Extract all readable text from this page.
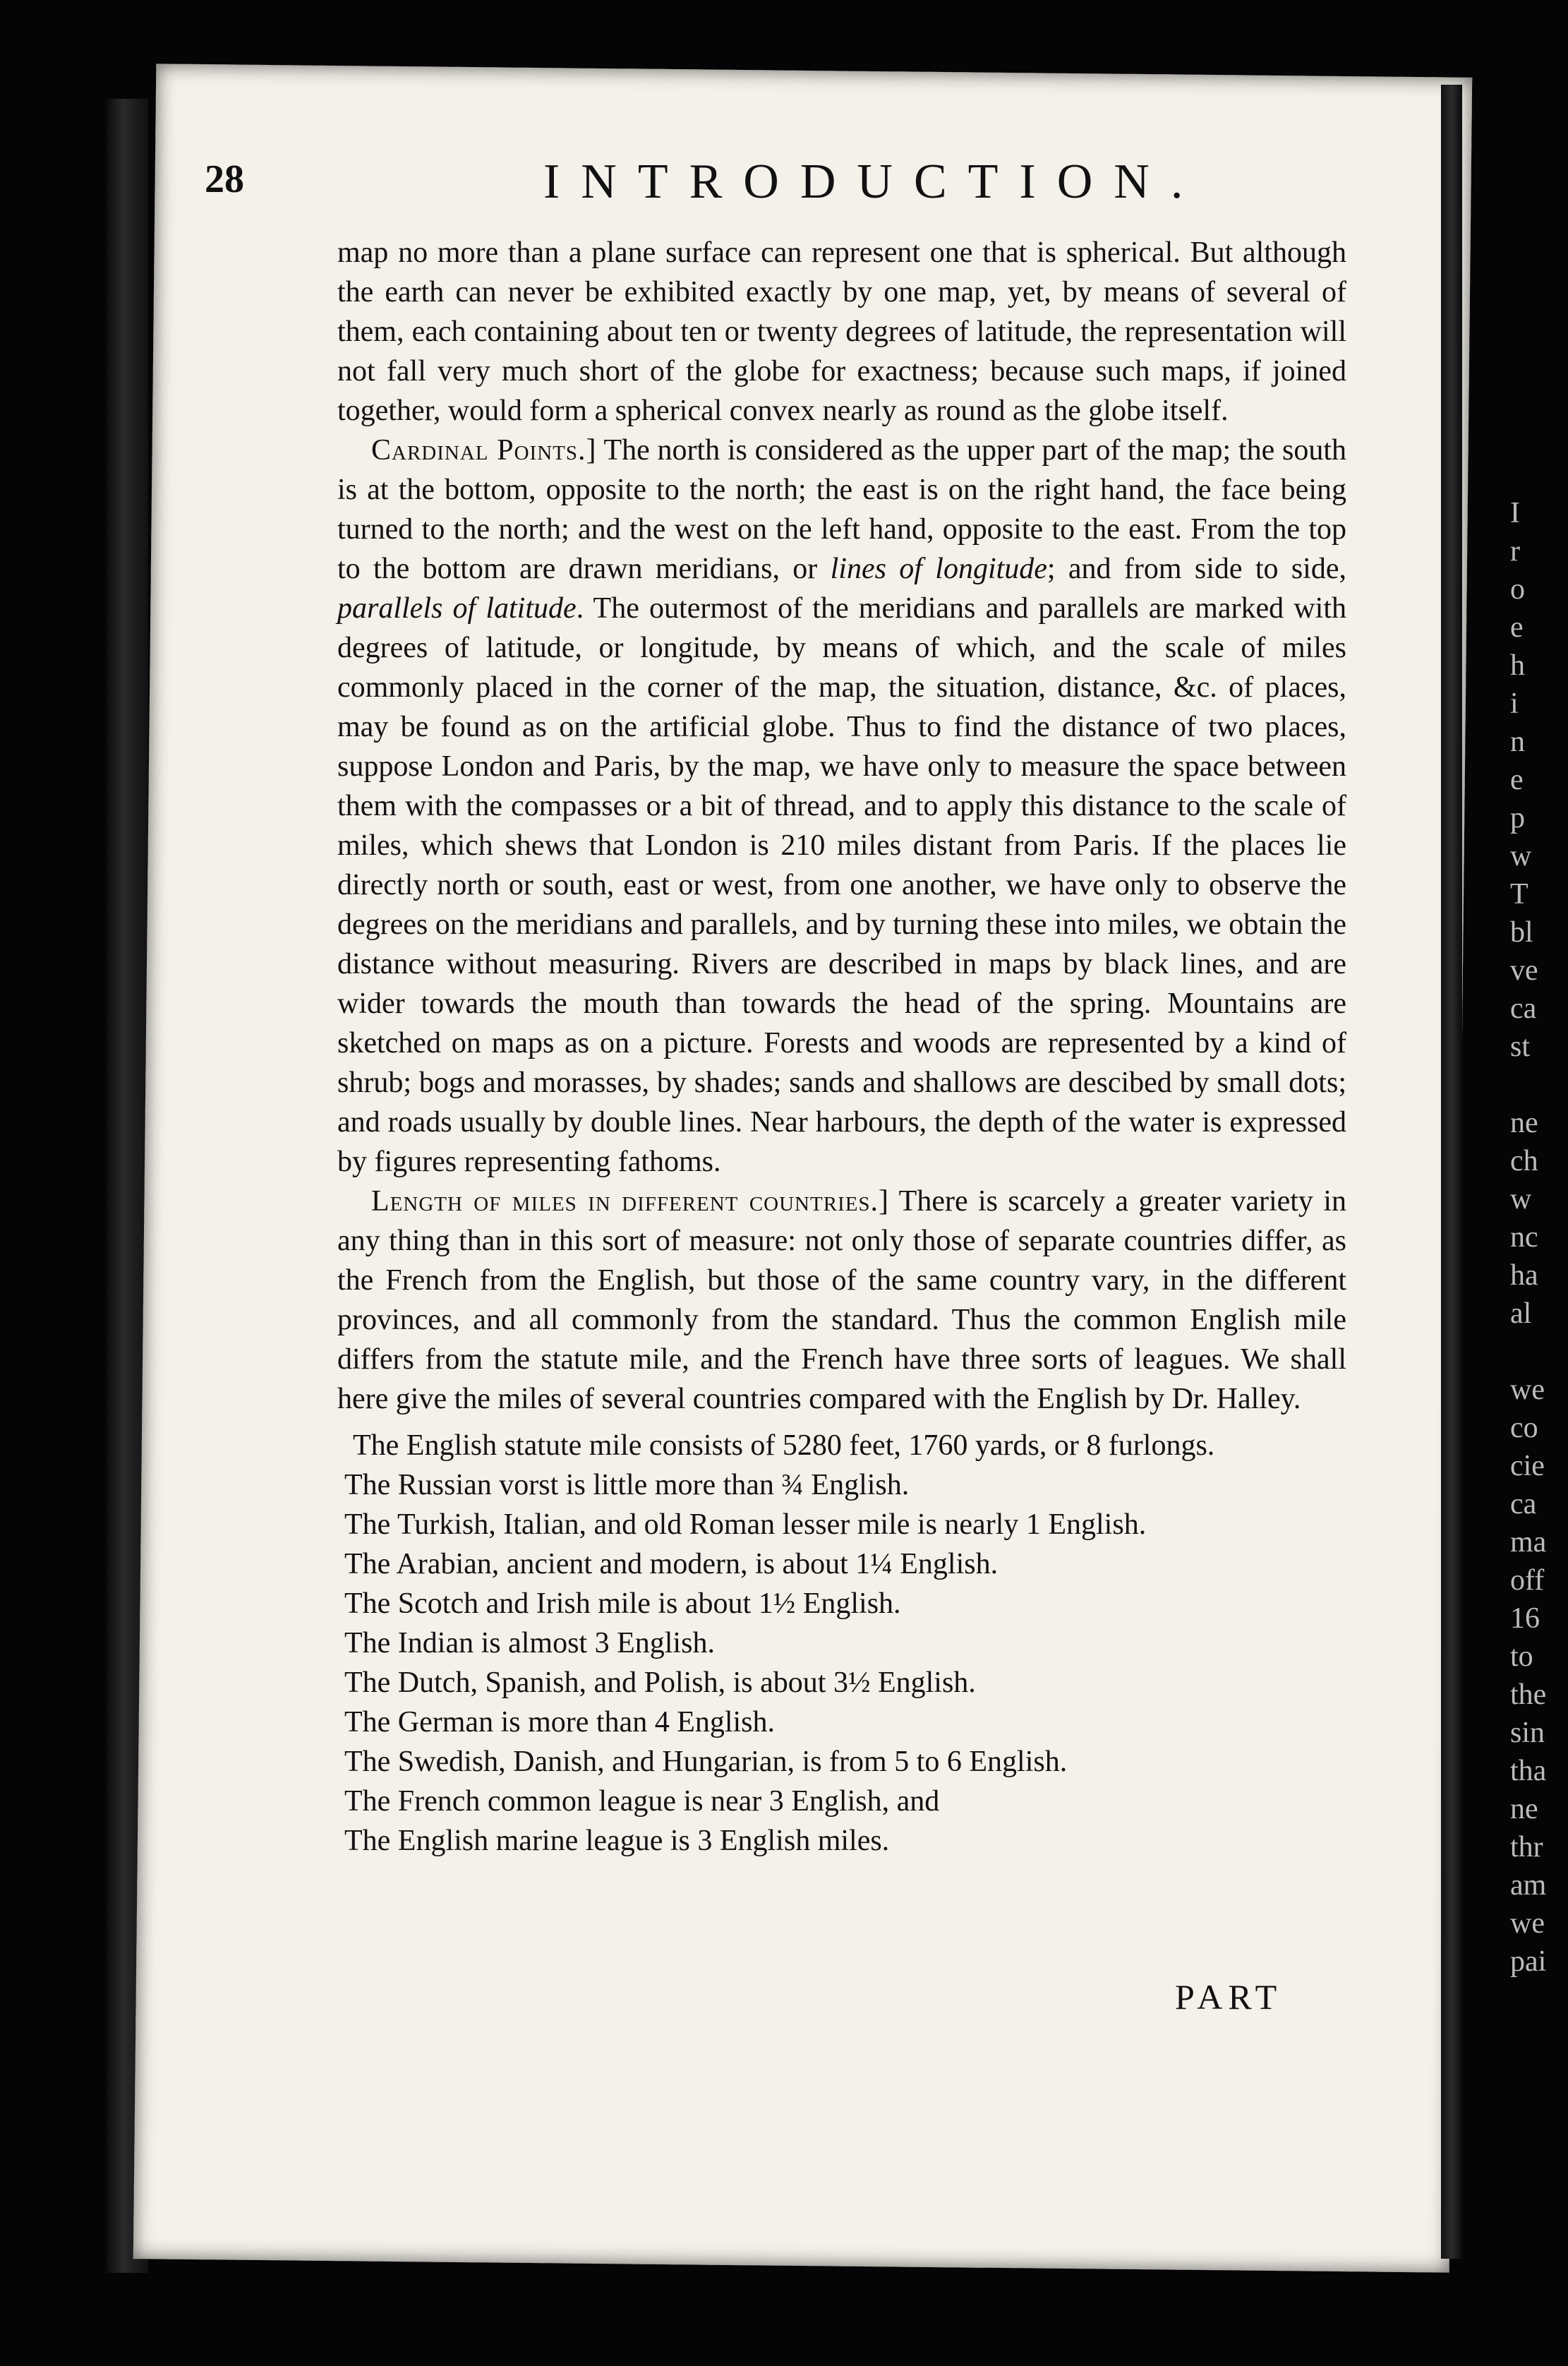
28	INTRODUCTION.

map no more than a plane surface can represent one that is spherical. But although the earth can never be exhibited exactly by one map, yet, by means of several of them, each containing about ten or twenty degrees of latitude, the representation will not fall very much short of the globe for exactness; because such maps, if joined together, would form a spherical convex nearly as round as the globe itself.

Cardinal Points.] The north is considered as the upper part of the map; the south is at the bottom, opposite to the north; the east is on the right hand, the face being turned to the north; and the west on the left hand, opposite to the east. From the top to the bottom are drawn meridians, or lines of longitude; and from side to side, parallels of latitude. The outermost of the meridians and parallels are marked with degrees of latitude, or longitude, by means of which, and the scale of miles commonly placed in the corner of the map, the situation, distance, &c. of places, may be found as on the artificial globe. Thus to find the distance of two places, suppose London and Paris, by the map, we have only to measure the space between them with the compasses or a bit of thread, and to apply this distance to the scale of miles, which shews that London is 210 miles distant from Paris. If the places lie directly north or south, east or west, from one another, we have only to observe the degrees on the meridians and parallels, and by turning these into miles, we obtain the distance without measuring. Rivers are described in maps by black lines, and are wider towards the mouth than towards the head of the spring. Mountains are sketched on maps as on a picture. Forests and woods are represented by a kind of shrub; bogs and morasses, by shades; sands and shallows are descibed by small dots; and roads usually by double lines. Near harbours, the depth of the water is expressed by figures representing fathoms.

Length of miles in different countries.] There is scarcely a greater variety in any thing than in this sort of measure: not only those of separate countries differ, as the French from the English, but those of the same country vary, in the different provinces, and all commonly from the standard. Thus the common English mile differs from the statute mile, and the French have three sorts of leagues. We shall here give the miles of several countries compared with the English by Dr. Halley.

The English statute mile consists of 5280 feet, 1760 yards, or 8 furlongs.

The Russian vorst is little more than ¾ English.

The Turkish, Italian, and old Roman lesser mile is nearly 1 English.

The Arabian, ancient and modern, is about 1¼ English.

The Scotch and Irish mile is about 1½ English.

The Indian is almost 3 English.

The Dutch, Spanish, and Polish, is about 3½ English.

The German is more than 4 English.

The Swedish, Danish, and Hungarian, is from 5 to 6 English.

The French common league is near 3 English, and

The English marine league is 3 English miles.

PART
I
r
o
e
h
i
n
e
p
w
T
bl
ve
ca
st

ne
ch
w
nc
ha
al

we
co
cie
ca
ma
off
16
to
the
sin
tha
ne
thr
am
we
pai
